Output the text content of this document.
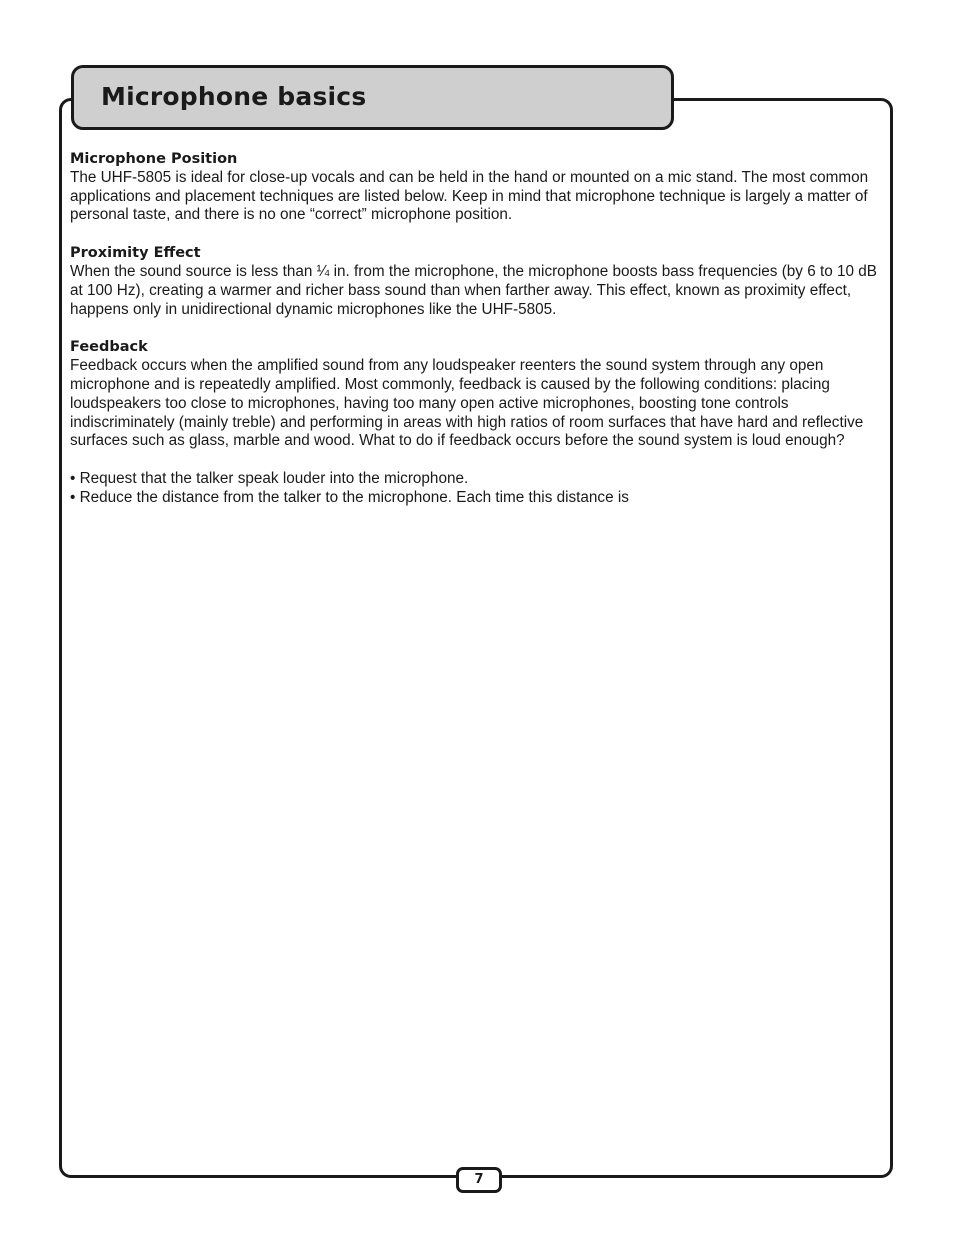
Microphone basics
Microphone Position

The UHF-5805 is ideal for close-up vocals and can be held in the hand or mounted on a mic stand. The most common applications and placement techniques are listed below. Keep in mind that microphone technique is largely a matter of personal taste, and there is no one “correct” microphone position.

Proximity Effect

When the sound source is less than ¼ in. from the microphone, the microphone boosts bass frequencies (by 6 to 10 dB at 100 Hz), creating a warmer and richer bass sound than when farther away. This effect, known as proximity effect, happens only in unidirectional dynamic microphones like the UHF-5805.

Feedback

Feedback occurs when the amplified sound from any loudspeaker reenters the sound system through any open microphone and is repeatedly amplified. Most commonly, feedback is caused by the following conditions: placing loudspeakers too close to microphones, having too many open active microphones, boosting tone controls indiscriminately (mainly treble) and performing in areas with high ratios of room surfaces that have hard and reflective surfaces such as glass, marble and wood. What to do if feedback occurs before the sound system is loud enough?

• Request that the talker speak louder into the microphone.
• Reduce the distance from the talker to the microphone. Each time this distance is
7
